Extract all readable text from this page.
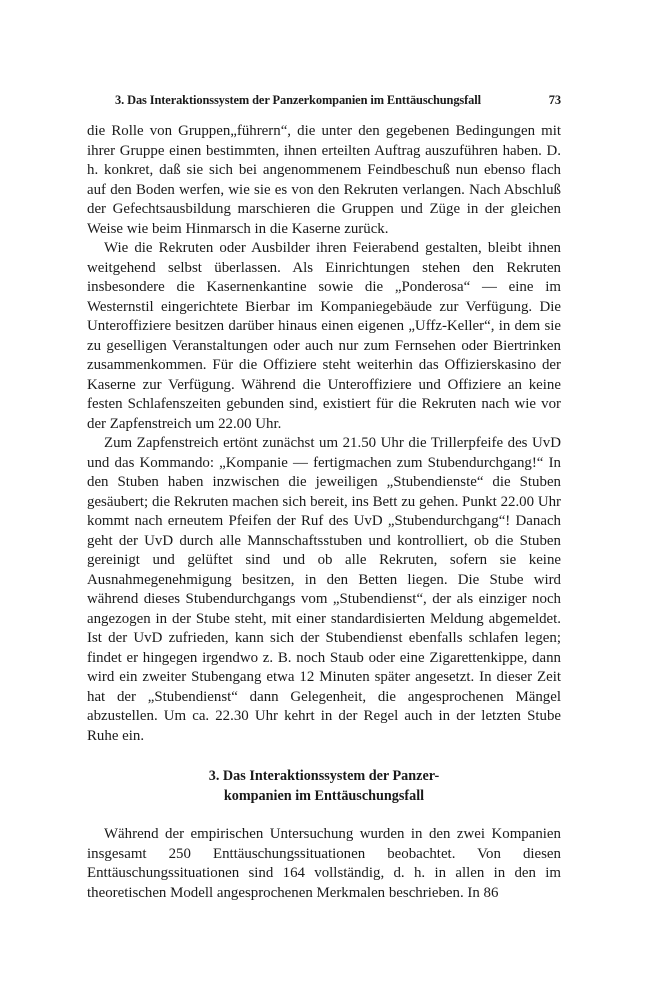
3. Das Interaktionssystem der Panzerkompanien im Enttäuschungsfall	73

die Rolle von Gruppen„führern“, die unter den gegebenen Bedingungen mit ihrer Gruppe einen bestimmten, ihnen erteilten Auftrag auszuführen haben. D. h. konkret, daß sie sich bei angenommenem Feindbeschuß nun ebenso flach auf den Boden werfen, wie sie es von den Rekruten verlangen. Nach Abschluß der Gefechtsausbildung marschieren die Gruppen und Züge in der gleichen Weise wie beim Hinmarsch in die Kaserne zurück.

Wie die Rekruten oder Ausbilder ihren Feierabend gestalten, bleibt ihnen weitgehend selbst überlassen. Als Einrichtungen stehen den Rekruten insbesondere die Kasernenkantine sowie die „Ponderosa“ — eine im Westernstil eingerichtete Bierbar im Kompaniegebäude zur Verfügung. Die Unteroffiziere besitzen darüber hinaus einen eigenen „Uffz-Keller“, in dem sie zu geselligen Veranstaltungen oder auch nur zum Fernsehen oder Biertrinken zusammenkommen. Für die Offiziere steht weiterhin das Offizierskasino der Kaserne zur Verfügung. Während die Unteroffiziere und Offiziere an keine festen Schlafenszeiten gebunden sind, existiert für die Rekruten nach wie vor der Zapfenstreich um 22.00 Uhr.

Zum Zapfenstreich ertönt zunächst um 21.50 Uhr die Trillerpfeife des UvD und das Kommando: „Kompanie — fertigmachen zum Stubendurchgang!“ In den Stuben haben inzwischen die jeweiligen „Stubendienste“ die Stuben gesäubert; die Rekruten machen sich bereit, ins Bett zu gehen. Punkt 22.00 Uhr kommt nach erneutem Pfeifen der Ruf des UvD „Stubendurchgang“! Danach geht der UvD durch alle Mannschaftsstuben und kontrolliert, ob die Stuben gereinigt und gelüftet sind und ob alle Rekruten, sofern sie keine Ausnahmegenehmigung besitzen, in den Betten liegen. Die Stube wird während dieses Stubendurchgangs vom „Stubendienst“, der als einziger noch angezogen in der Stube steht, mit einer standardisierten Meldung abgemeldet. Ist der UvD zufrieden, kann sich der Stubendienst ebenfalls schlafen legen; findet er hingegen irgendwo z. B. noch Staub oder eine Zigarettenkippe, dann wird ein zweiter Stubengang etwa 12 Minuten später angesetzt. In dieser Zeit hat der „Stubendienst“ dann Gelegenheit, die angesprochenen Mängel abzustellen. Um ca. 22.30 Uhr kehrt in der Regel auch in der letzten Stube Ruhe ein.

3. Das Interaktionssystem der Panzer-
kompanien im Enttäuschungsfall

Während der empirischen Untersuchung wurden in den zwei Kompanien insgesamt 250 Enttäuschungssituationen beobachtet. Von diesen Enttäuschungssituationen sind 164 vollständig, d. h. in allen in den im theoretischen Modell angesprochenen Merkmalen beschrieben. In 86
